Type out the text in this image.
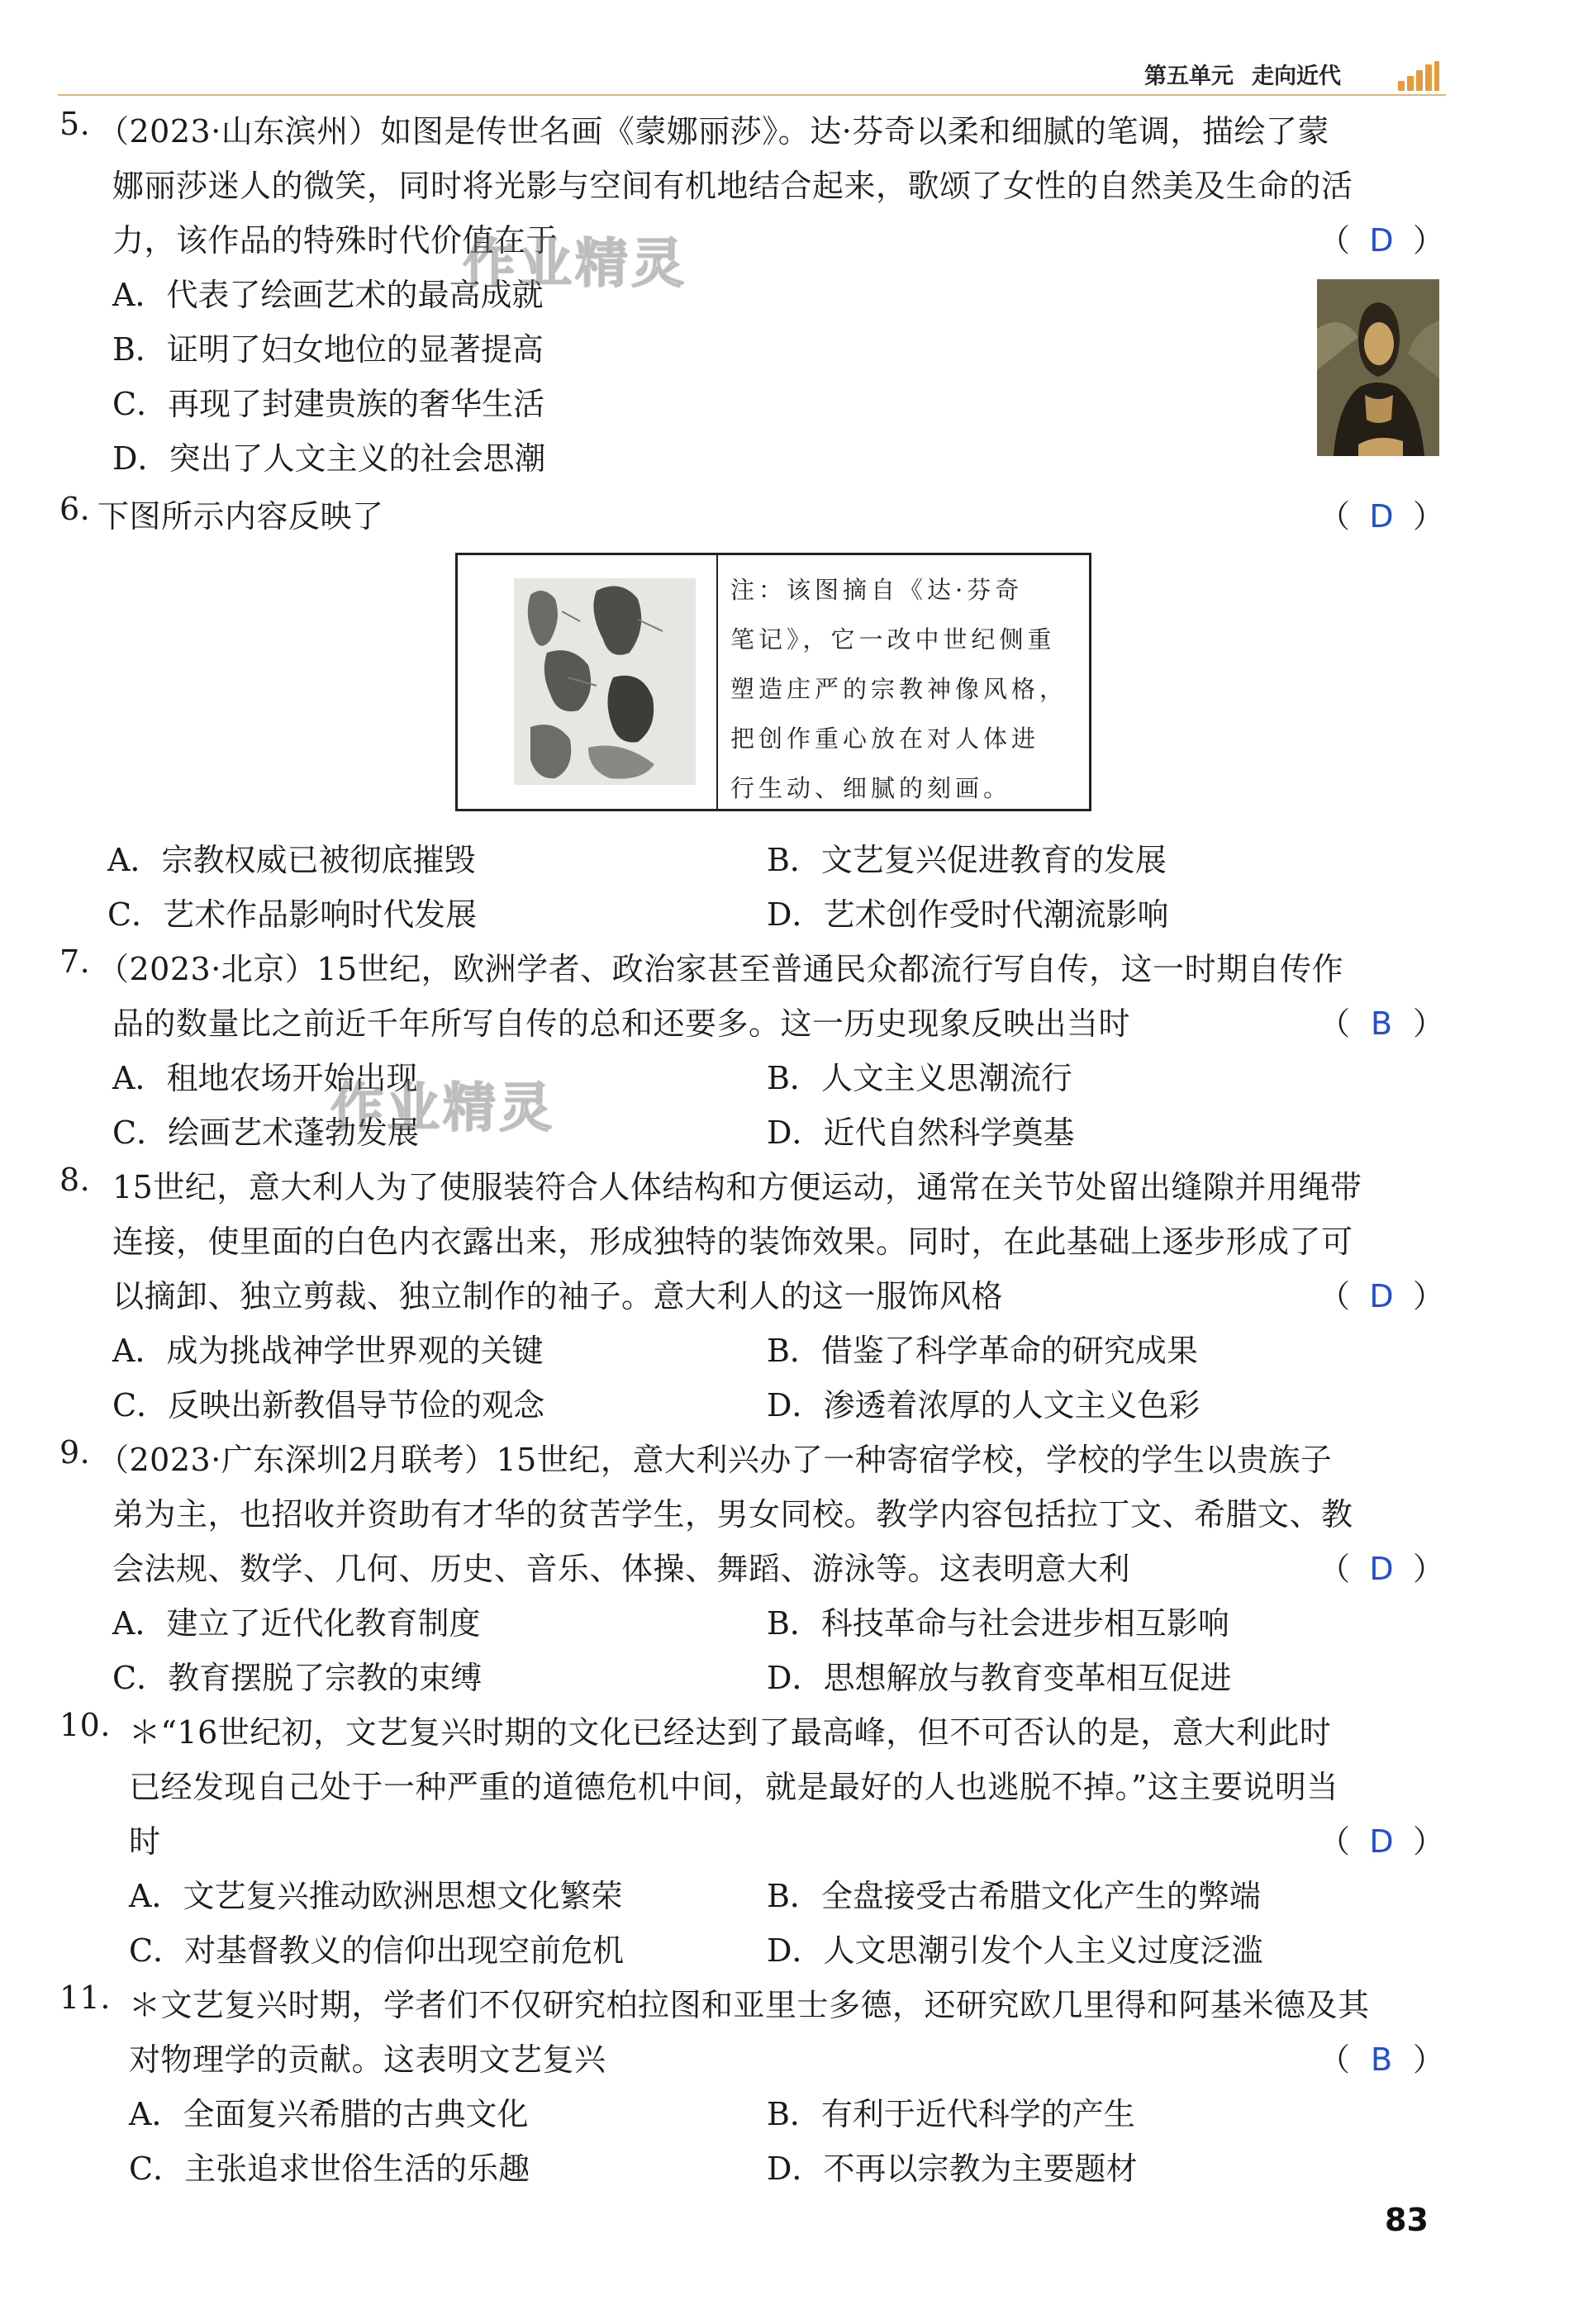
第五单元 走向近代
5. （2023·山东滨州）如图是传世名画《蒙娜丽莎》。达·芬奇以柔和细腻的笔调，描绘了蒙
娜丽莎迷人的微笑，同时将光影与空间有机地结合起来，歌颂了女性的自然美及生命的活
力，该作品的特殊时代价值在于	（ D ）
A．代表了绘画艺术的最高成就
B．证明了妇女地位的显著提高
C．再现了封建贵族的奢华生活
D．突出了人文主义的社会思潮
作业精灵
6. 下图所示内容反映了	（ D ）
注：该图摘自《达·芬奇
笔记》，它一改中世纪侧重
塑造庄严的宗教神像风格，
把创作重心放在对人体进
行生动、细腻的刻画。
A．宗教权威已被彻底摧毁	B．文艺复兴促进教育的发展
C．艺术作品影响时代发展	D．艺术创作受时代潮流影响
7. （2023·北京）15世纪，欧洲学者、政治家甚至普通民众都流行写自传，这一时期自传作
品的数量比之前近千年所写自传的总和还要多。这一历史现象反映出当时	（ B ）
A．租地农场开始出现	B．人文主义思潮流行
C．绘画艺术蓬勃发展	D．近代自然科学奠基
作业精灵
8. 15世纪，意大利人为了使服装符合人体结构和方便运动，通常在关节处留出缝隙并用绳带
连接，使里面的白色内衣露出来，形成独特的装饰效果。同时，在此基础上逐步形成了可
以摘卸、独立剪裁、独立制作的袖子。意大利人的这一服饰风格	（ D ）
A．成为挑战神学世界观的关键	B．借鉴了科学革命的研究成果
C．反映出新教倡导节俭的观念	D．渗透着浓厚的人文主义色彩
9. （2023·广东深圳2月联考）15世纪，意大利兴办了一种寄宿学校，学校的学生以贵族子
弟为主，也招收并资助有才华的贫苦学生，男女同校。教学内容包括拉丁文、希腊文、教
会法规、数学、几何、历史、音乐、体操、舞蹈、游泳等。这表明意大利	（ D ）
A．建立了近代化教育制度	B．科技革命与社会进步相互影响
C．教育摆脱了宗教的束缚	D．思想解放与教育变革相互促进
10. ＊“16世纪初，文艺复兴时期的文化已经达到了最高峰，但不可否认的是，意大利此时
已经发现自己处于一种严重的道德危机中间，就是最好的人也逃脱不掉。”这主要说明当
时	（ D ）
A．文艺复兴推动欧洲思想文化繁荣	B．全盘接受古希腊文化产生的弊端
C．对基督教义的信仰出现空前危机	D．人文思潮引发个人主义过度泛滥
11. ＊文艺复兴时期，学者们不仅研究柏拉图和亚里士多德，还研究欧几里得和阿基米德及其
对物理学的贡献。这表明文艺复兴	（ B ）
A．全面复兴希腊的古典文化	B．有利于近代科学的产生
C．主张追求世俗生活的乐趣	D．不再以宗教为主要题材
83
